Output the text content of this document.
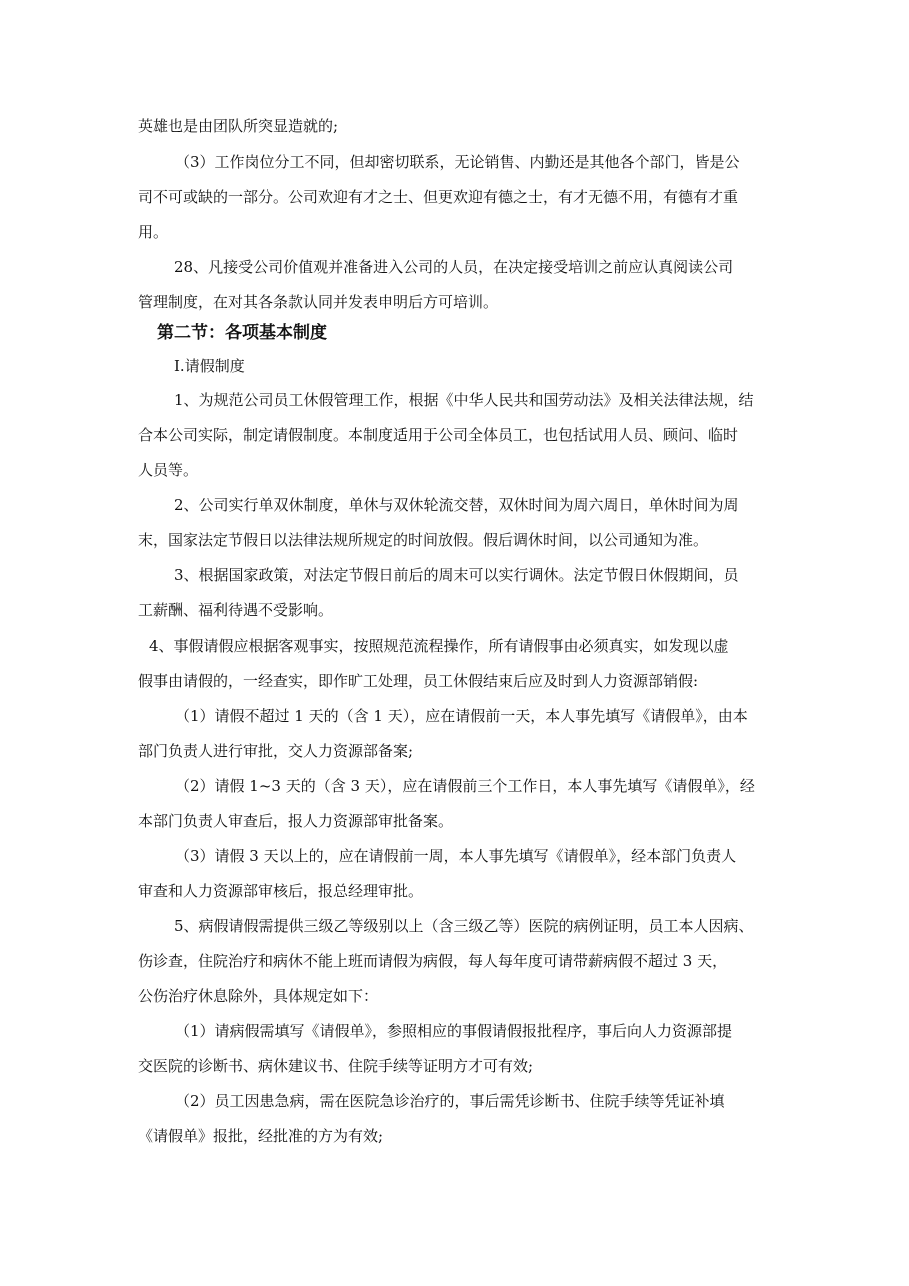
英雄也是由团队所突显造就的;
（3）工作岗位分工不同，但却密切联系，无论销售、内勤还是其他各个部门，皆是公
司不可或缺的一部分。公司欢迎有才之士、但更欢迎有德之士，有才无德不用，有德有才重
用。
28、凡接受公司价值观并准备进入公司的人员，在决定接受培训之前应认真阅读公司
管理制度，在对其各条款认同并发表申明后方可培训。
第二节：各项基本制度
Ⅰ.请假制度
1、为规范公司员工休假管理工作，根据《中华人民共和国劳动法》及相关法律法规，结
合本公司实际，制定请假制度。本制度适用于公司全体员工，也包括试用人员、顾问、临时
人员等。
2、公司实行单双休制度，单休与双休轮流交替，双休时间为周六周日，单休时间为周
末，国家法定节假日以法律法规所规定的时间放假。假后调休时间，以公司通知为准。
3、根据国家政策，对法定节假日前后的周末可以实行调休。法定节假日休假期间，员
工薪酬、福利待遇不受影响。
4、事假请假应根据客观事实，按照规范流程操作，所有请假事由必须真实，如发现以虚
假事由请假的，一经查实，即作旷工处理，员工休假结束后应及时到人力资源部销假:
（1）请假不超过 1 天的（含 1 天），应在请假前一天，本人事先填写《请假单》，由本
部门负责人进行审批，交人力资源部备案;
（2）请假 1~3 天的（含 3 天），应在请假前三个工作日，本人事先填写《请假单》，经
本部门负责人审查后，报人力资源部审批备案。
（3）请假 3 天以上的，应在请假前一周，本人事先填写《请假单》，经本部门负责人
审查和人力资源部审核后，报总经理审批。
5、病假请假需提供三级乙等级别以上（含三级乙等）医院的病例证明，员工本人因病、
伤诊查，住院治疗和病休不能上班而请假为病假，每人每年度可请带薪病假不超过 3 天，
公伤治疗休息除外，具体规定如下：
（1）请病假需填写《请假单》，参照相应的事假请假报批程序，事后向人力资源部提
交医院的诊断书、病休建议书、住院手续等证明方才可有效;
（2）员工因患急病，需在医院急诊治疗的，事后需凭诊断书、住院手续等凭证补填
《请假单》报批，经批准的方为有效;
